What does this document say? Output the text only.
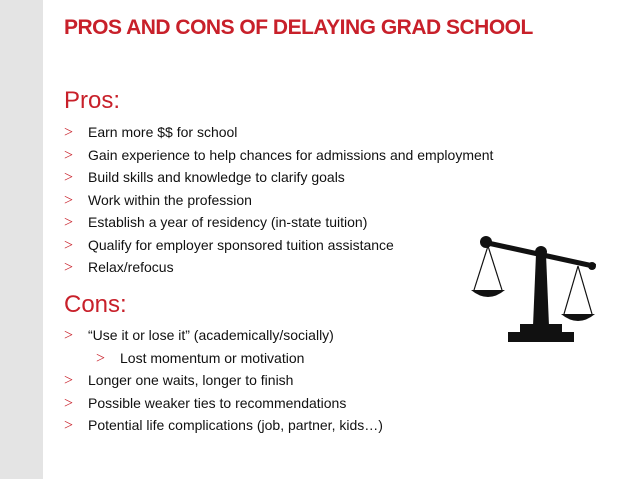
PROS AND CONS OF DELAYING GRAD SCHOOL
Pros:
> Earn more $$ for school
> Gain experience to help chances for admissions and employment
> Build skills and knowledge to clarify goals
> Work within the profession
> Establish a year of residency (in-state tuition)
> Qualify for employer sponsored tuition assistance
> Relax/refocus
Cons:
> “Use it or lose it” (academically/socially)
> Lost momentum or motivation
> Longer one waits, longer to finish
> Possible weaker ties to recommendations
> Potential life complications (job, partner, kids…)
